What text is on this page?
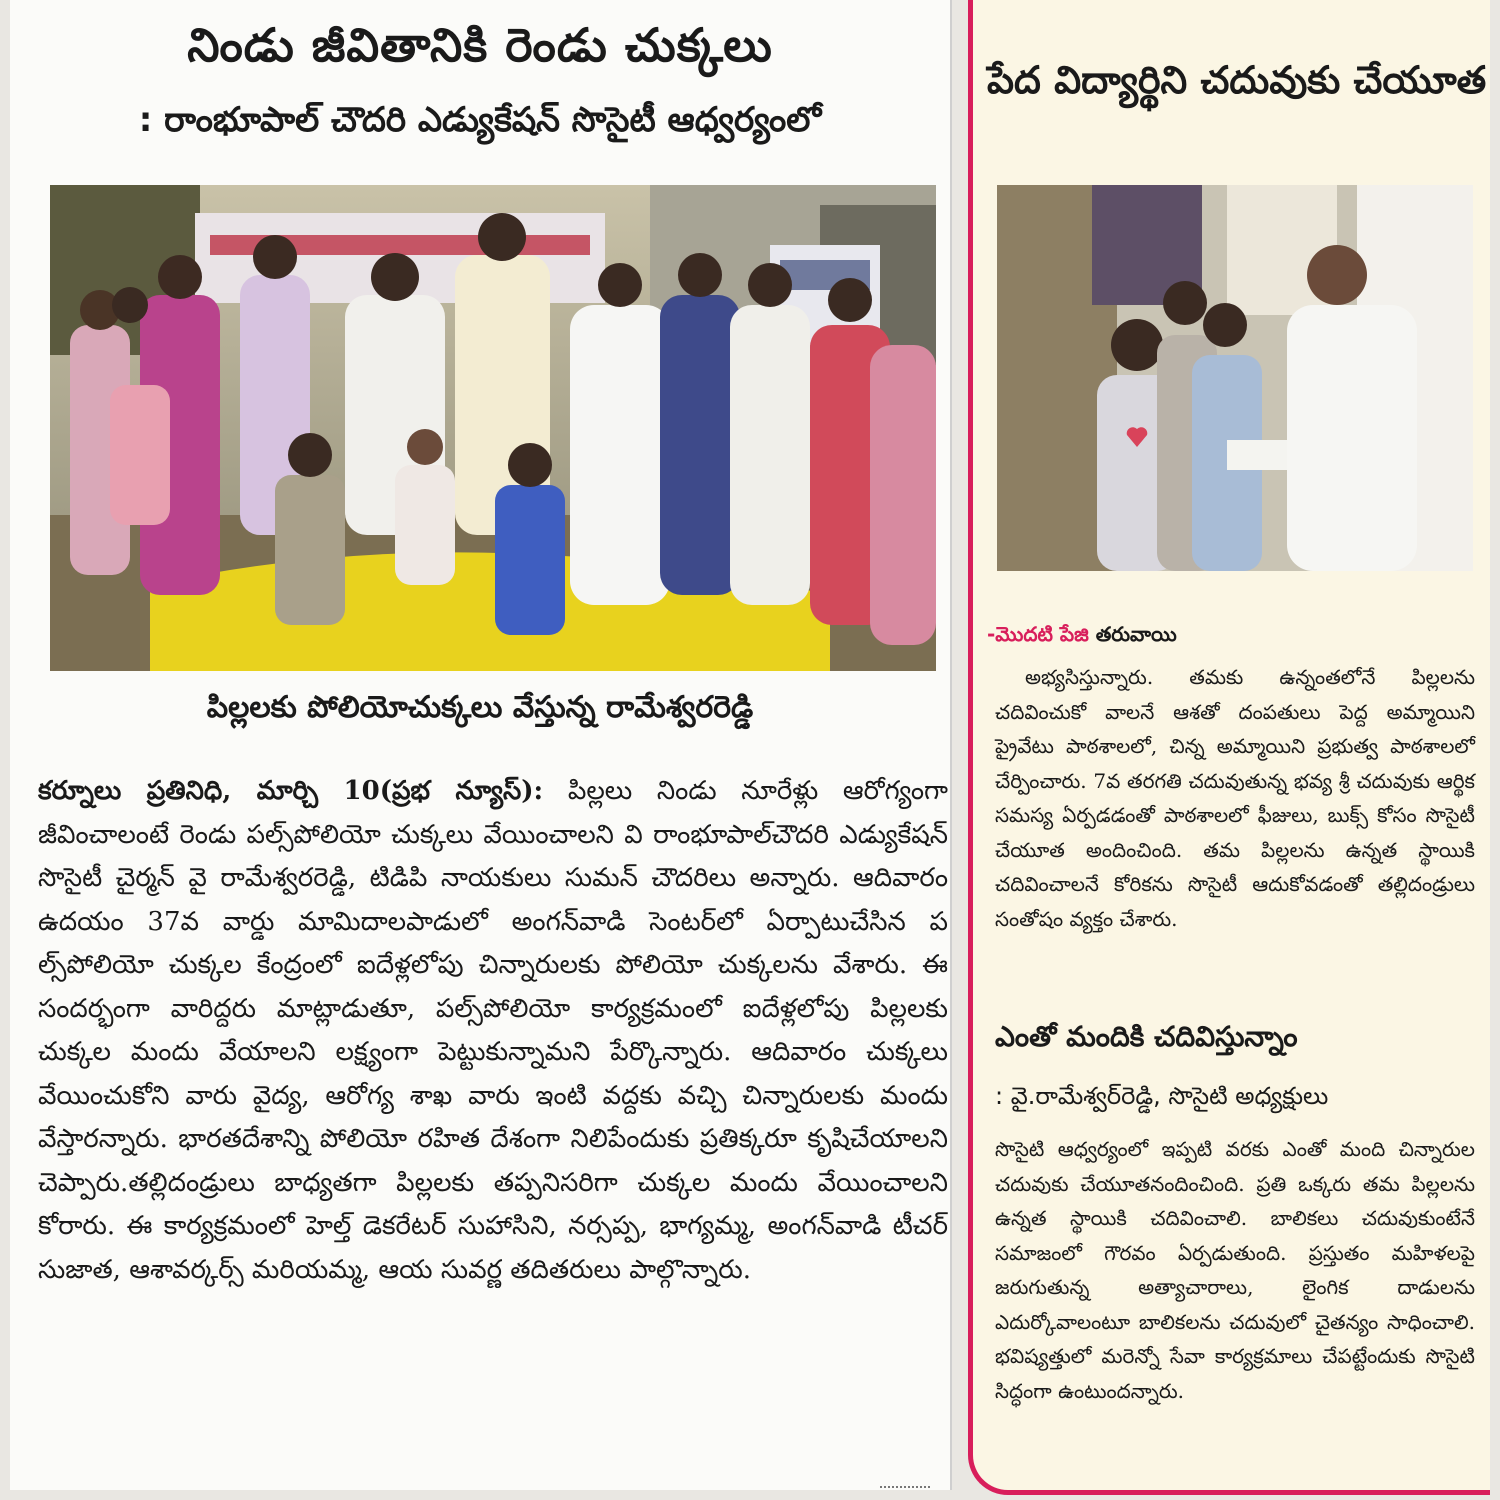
నిండు జీవితానికి రెండు చుక్కలు
: రాంభూపాల్ చౌదరి ఎడ్యుకేషన్ సొసైటీ ఆధ్వర్యంలో

పిల్లలకు పోలియోచుక్కలు వేస్తున్న రామేశ్వరరెడ్డి

కర్నూలు ప్రతినిధి, మార్చి 10(ప్రభ న్యూస్): పిల్లలు నిండు నూరేళ్లు ఆరోగ్యంగా జీవించాలంటే రెండు పల్స్‌పోలియో చుక్కలు వేయించాలని వి రాంభూపాల్‌చౌదరి ఎడ్యుకేషన్ సొసైటీ చైర్మన్ వై రామేశ్వరరెడ్డి, టిడిపి నాయకులు సుమన్ చౌదరిలు అన్నారు. ఆదివారం ఉదయం 37వ వార్డు మామిదాలపాడులో అంగన్‌వాడి సెంటర్‌లో ఏర్పాటుచేసిన ప ల్స్‌పోలియో చుక్కల కేంద్రంలో ఐదేళ్లలోపు చిన్నారులకు పోలియో చుక్కలను వేశారు. ఈ సందర్భంగా వారిద్దరు మాట్లాడుతూ, పల్స్‌పోలియో కార్యక్రమంలో ఐదేళ్లలోపు పిల్లలకు చుక్కల మందు వేయాలని లక్ష్యంగా పెట్టుకున్నామని పేర్కొన్నారు. ఆదివారం చుక్కలు వేయించుకోని వారు వైద్య, ఆరోగ్య శాఖ వారు ఇంటి వద్దకు వచ్చి చిన్నారులకు మందు వేస్తారన్నారు. భారతదేశాన్ని పోలియో రహిత దేశంగా నిలిపేందుకు ప్రతిక్కరూ కృషిచేయాలని చెప్పారు.తల్లిదండ్రులు బాధ్యతగా పిల్లలకు తప్పనిసరిగా చుక్కల మందు వేయించాలని కోరారు. ఈ కార్యక్రమంలో హెల్త్ డెకరేటర్ సుహాసిని, నర్సప్ప, భాగ్యమ్మ, అంగన్‌వాడి టీచర్ సుజాత, ఆశావర్కర్స్ మరియమ్మ, ఆయ సువర్ణ తదితరులు పాల్గొన్నారు.

పేద విద్యార్థిని చదువుకు చేయూత
-మొదటి పేజి తరువాయి

అభ్యసిస్తున్నారు. తమకు ఉన్నంతలోనే పిల్లలను చదివించుకో వాలనే ఆశతో దంపతులు పెద్ద అమ్మాయిని ప్రైవేటు పాఠశాలలో, చిన్న అమ్మాయిని ప్రభుత్వ పాఠశాలలో చేర్పించారు. 7వ తరగతి చదువుతున్న భవ్య శ్రీ చదువుకు ఆర్థిక సమస్య ఏర్పడడంతో పాఠశాలలో ఫీజులు, బుక్స్ కోసం సొసైటీ చేయూత అందించింది. తమ పిల్లలను ఉన్నత స్థాయికి చదివించాలనే కోరికను సొసైటీ ఆదుకోవడంతో తల్లిదండ్రులు సంతోషం వ్యక్తం చేశారు.

ఎంతో మందికి చదివిస్తున్నాం

: వై.రామేశ్వర్‌రెడ్డి, సొసైటి అధ్యక్షులు

సొసైటి ఆధ్వర్యంలో ఇప్పటి వరకు ఎంతో మంది చిన్నారుల చదువుకు చేయూతనందించింది. ప్రతి ఒక్కరు తమ పిల్లలను ఉన్నత స్థాయికి చదివించాలి. బాలికలు చదువుకుంటేనే సమాజంలో గౌరవం ఏర్పడుతుంది. ప్రస్తుతం మహిళలపై జరుగుతున్న అత్యాచారాలు, లైంగిక దాడులను ఎదుర్కోవాలంటూ బాలికలను చదువులో చైతన్యం సాధించాలి. భవిష్యత్తులో మరెన్నో సేవా కార్యక్రమాలు చేపట్టేందుకు సొసైటి సిద్ధంగా ఉంటుందన్నారు.
